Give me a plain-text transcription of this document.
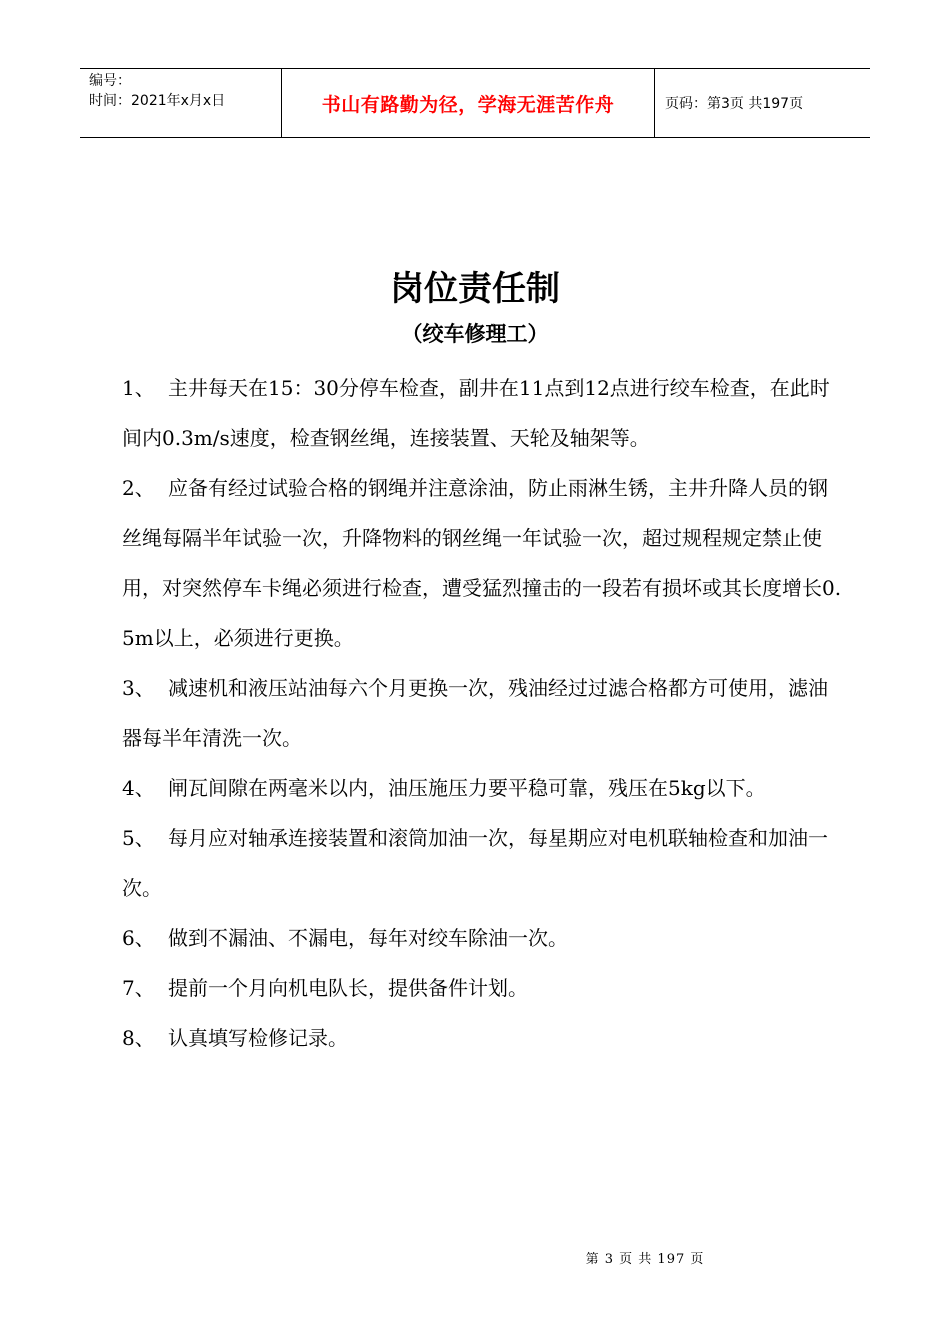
编号：
时间：2021年x月x日	书山有路勤为径，学海无涯苦作舟	页码：第3页 共197页
岗位责任制
（绞车修理工）

1、 主井每天在15：30分停车检查，副井在11点到12点进行绞车检查，在此时间内0.3m/s速度，检查钢丝绳，连接装置、天轮及轴架等。

2、 应备有经过试验合格的钢绳并注意涂油，防止雨淋生锈，主井升降人员的钢丝绳每隔半年试验一次，升降物料的钢丝绳一年试验一次，超过规程规定禁止使用，对突然停车卡绳必须进行检查，遭受猛烈撞击的一段若有损坏或其长度增长0.5m以上，必须进行更换。

3、 减速机和液压站油每六个月更换一次，残油经过过滤合格都方可使用，滤油器每半年清洗一次。

4、 闸瓦间隙在两毫米以内，油压施压力要平稳可靠，残压在5kg以下。

5、 每月应对轴承连接装置和滚筒加油一次，每星期应对电机联轴检查和加油一次。

6、 做到不漏油、不漏电，每年对绞车除油一次。

7、 提前一个月向机电队长，提供备件计划。

8、 认真填写检修记录。

第 3 页 共 197 页
